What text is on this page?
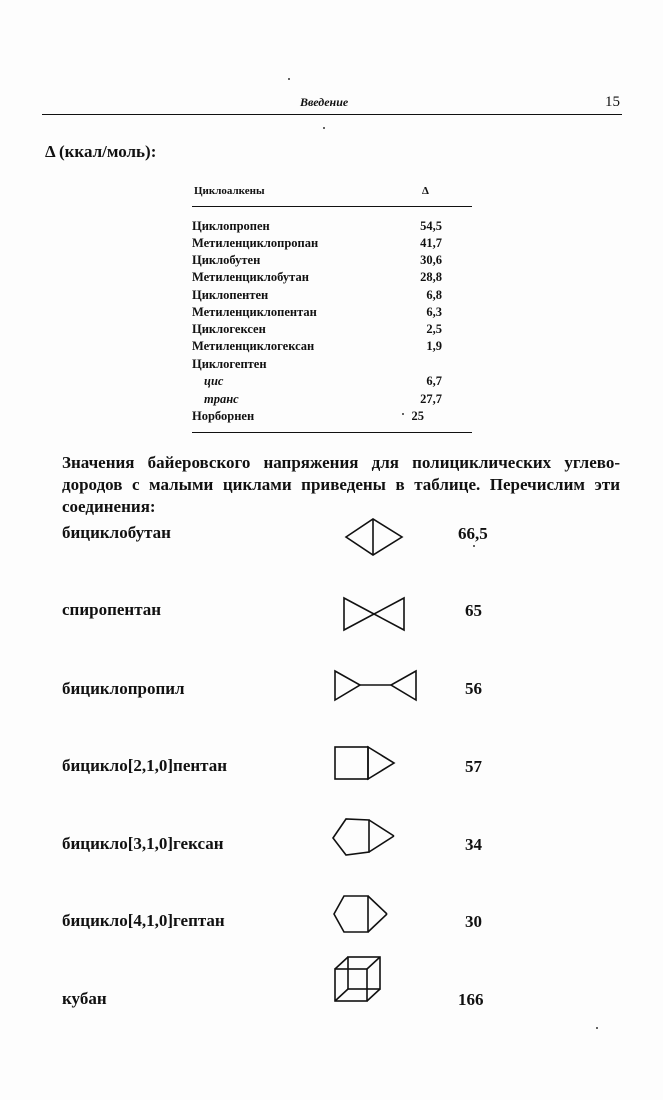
Введение	15
Δ (ккал/моль):
Циклоалкены	Δ
Циклопропен	54,5
Метиленциклопропан	41,7
Циклобутен	30,6
Метиленциклобутан	28,8
Циклопентен	6,8
Метиленциклопентан	6,3
Циклогексен	2,5
Метиленциклогексан	1,9
Циклогептен
цис	6,7
транс	27,7
Норборнен	25
Значения байеровского напряжения для полициклических углево-
дородов с малыми циклами приведены в таблице. Перечислим эти
соединения:
бициклобутан	66,5
спиропентан	65
бициклопропил	56
бицикло[2,1,0]пентан	57
бицикло[3,1,0]гексан	34
бицикло[4,1,0]гептан	30
кубан	166
